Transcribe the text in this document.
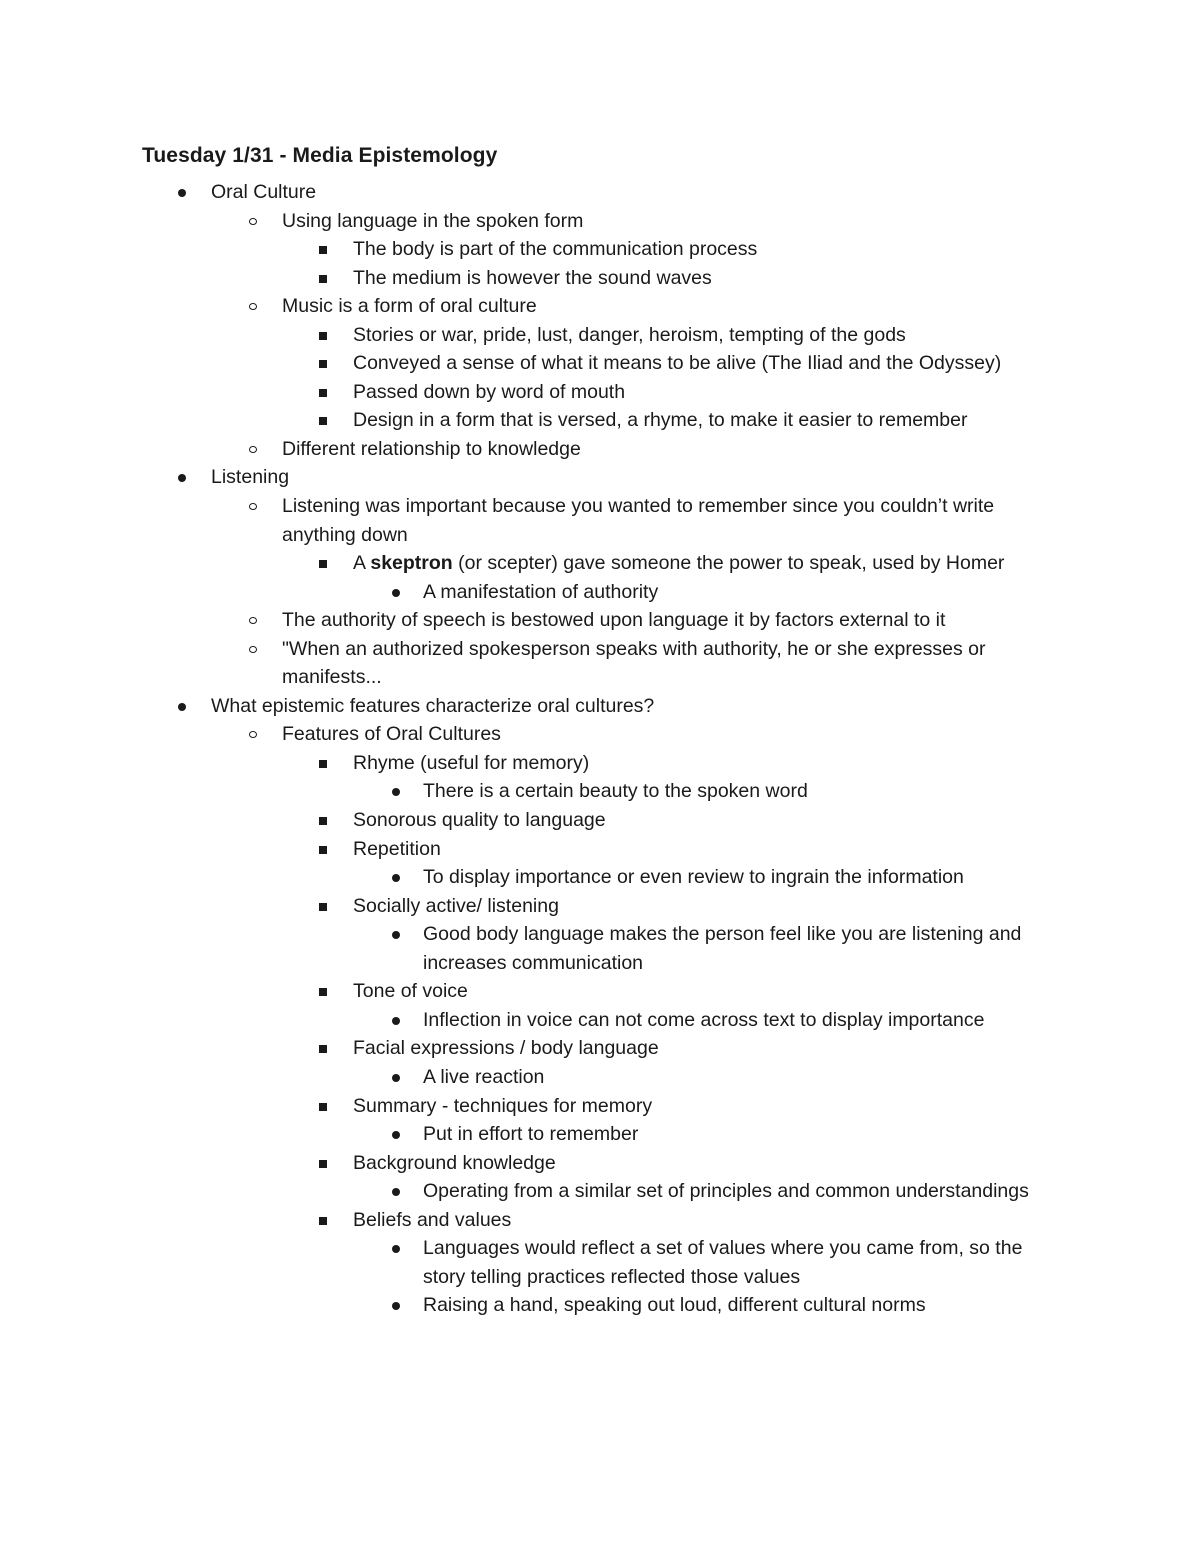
Tuesday 1/31 - Media Epistemology
Oral Culture
Using language in the spoken form
The body is part of the communication process
The medium is however the sound waves
Music is a form of oral culture
Stories or war, pride, lust, danger, heroism, tempting of the gods
Conveyed a sense of what it means to be alive (The Iliad and the Odyssey)
Passed down by word of mouth
Design in a form that is versed, a rhyme, to make it easier to remember
Different relationship to knowledge
Listening
Listening was important because you wanted to remember since you couldn’t write anything down
A skeptron (or scepter) gave someone the power to speak, used by Homer
A manifestation of authority
The authority of speech is bestowed upon language it by factors external to it
"When an authorized spokesperson speaks with authority, he or she expresses or manifests...
What epistemic features characterize oral cultures?
Features of Oral Cultures
Rhyme (useful for memory)
There is a certain beauty to the spoken word
Sonorous quality to language
Repetition
To display importance or even review to ingrain the information
Socially active/ listening
Good body language makes the person feel like you are listening and increases communication
Tone of voice
Inflection in voice can not come across text to display importance
Facial expressions / body language
A live reaction
Summary - techniques for memory
Put in effort to remember
Background knowledge
Operating from a similar set of principles and common understandings
Beliefs and values
Languages would reflect a set of values where you came from, so the story telling practices reflected those values
Raising a hand, speaking out loud, different cultural norms
